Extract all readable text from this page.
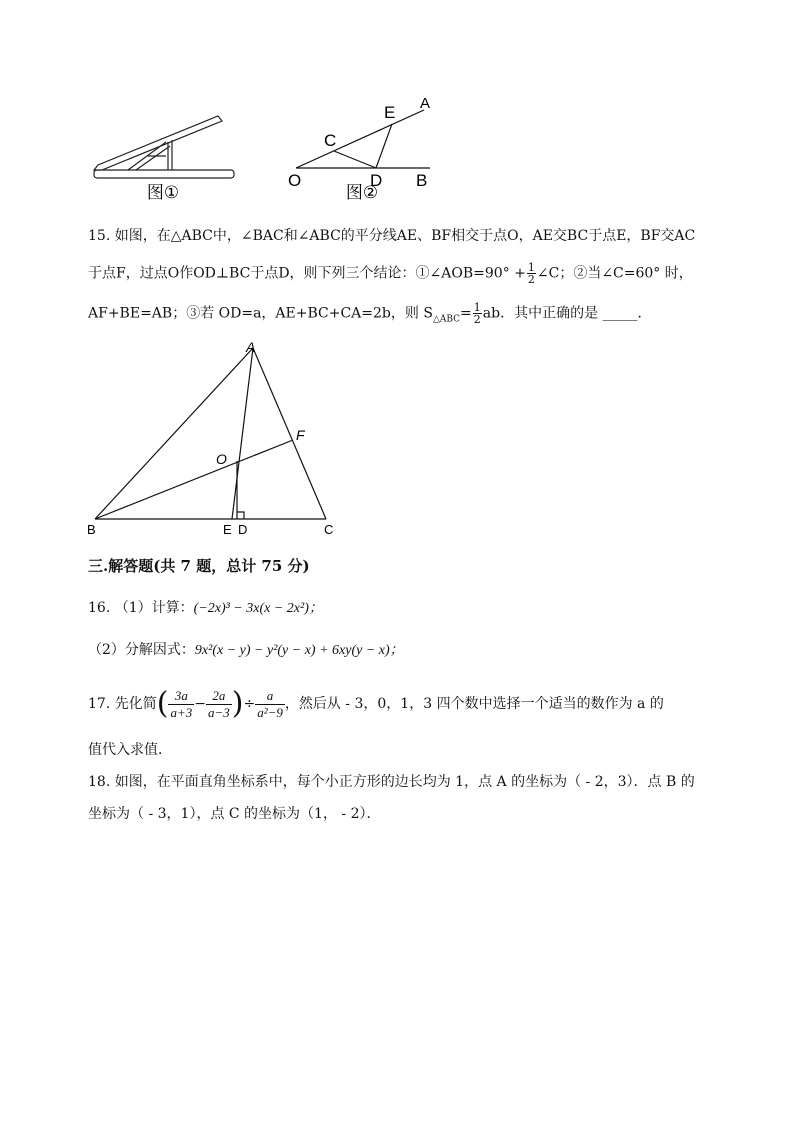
图①
E A
C
O	D B
图②
15. 如图，在△ABC中，∠BAC和∠ABC的平分线AE、BF相交于点O，AE交BC于点E，BF交AC
于点F，过点O作OD⊥BC于点D，则下列三个结论：①∠AOB=90° + $\frac{1}{2}$ ∠C；②当∠C=60° 时，
AF+BE=AB；③若 OD=a，AE+BC+CA=2b，则 $S_{\triangle ABC}= \frac{1}{2}$ ab．其中正确的是 _____．
A
F
O
B	E D	C
三.解答题(共 7 题，总计 75 分)
16. （1）计算：(−2x)³ − 3x(x − 2x²)；
（2）分解因式：9x²(x − y) − y²(y − x) + 6xy(y − x)；
17. 先化简( $\frac{3a}{a+3} - \frac{2a}{a-3}$ )÷ $\frac{a}{\text{a²−9}}$ ，然后从 - 3，0，1，3 四个数中选择一个适当的数作为 a 的
值代入求值．
18. 如图，在平面直角坐标系中，每个小正方形的边长均为 1，点 A 的坐标为（ - 2，3）．点 B 的
坐标为（ - 3，1），点 C 的坐标为（1， - 2）．
